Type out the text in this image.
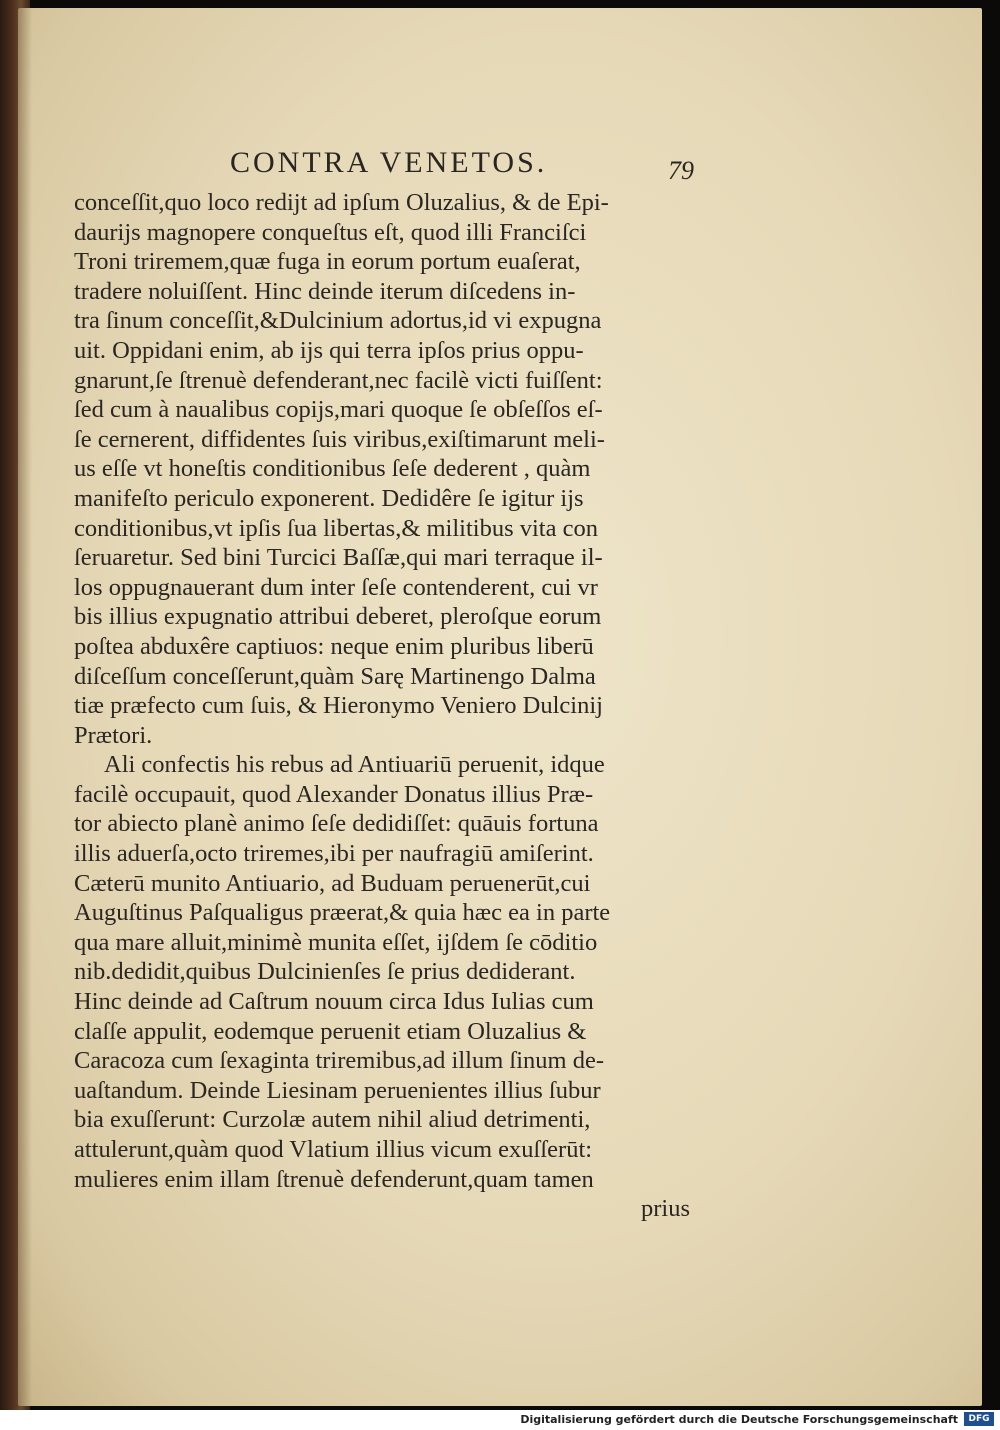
CONTRA VENETOS.	79
conceſſit,quo loco redijt ad ipſum Oluzalius, & de Epi-
daurijs magnopere conqueſtus eſt, quod illi Franciſci
Troni triremem,quæ fuga in eorum portum euaſerat,
tradere noluiſſent. Hinc deinde iterum diſcedens in-
tra ſinum conceſſit,&Dulcinium adortus,id vi expugna
uit. Oppidani enim, ab ijs qui terra ipſos prius oppu-
gnarunt,ſe ſtrenuè defenderant,nec facilè victi fuiſſent:
ſed cum à naualibus copijs,mari quoque ſe obſeſſos eſ-
ſe cernerent, diffidentes ſuis viribus,exiſtimarunt meli-
us eſſe vt honeſtis conditionibus ſeſe dederent , quàm
manifeſto periculo exponerent. Dedidêre ſe igitur ijs
conditionibus,vt ipſis ſua libertas,& militibus vita con
ſeruaretur. Sed bini Turcici Baſſæ,qui mari terraque il-
los oppugnauerant dum inter ſeſe contenderent, cui vr
bis illius expugnatio attribui deberet, pleroſque eorum
poſtea abduxêre captiuos: neque enim pluribus liberū
diſceſſum conceſſerunt,quàm Sarę Martinengo Dalma
tiæ præfecto cum ſuis, & Hieronymo Veniero Dulcinij
Prætori.
Ali confectis his rebus ad Antiuariū peruenit, idque
facilè occupauit, quod Alexander Donatus illius Præ-
tor abiecto planè animo ſeſe dedidiſſet: quāuis fortuna
illis aduerſa,octo triremes,ibi per naufragiū amiſerint.
Cæterū munito Antiuario, ad Buduam peruenerūt,cui
Auguſtinus Paſqualigus præerat,& quia hæc ea in parte
qua mare alluit,minimè munita eſſet, ijſdem ſe cōditio
nib.dedidit,quibus Dulcinienſes ſe prius dediderant.
Hinc deinde ad Caſtrum nouum circa Idus Iulias cum
claſſe appulit, eodemque peruenit etiam Oluzalius &
Caracoza cum ſexaginta triremibus,ad illum ſinum de-
uaſtandum. Deinde Liesinam peruenientes illius ſubur
bia exuſſerunt: Curzolæ autem nihil aliud detrimenti,
attulerunt,quàm quod Vlatium illius vicum exuſſerūt:
mulieres enim illam ſtrenuè defenderunt,quam tamen
prius
Digitalisierung gefördert durch die Deutsche Forschungsgemeinschaft	DFG
